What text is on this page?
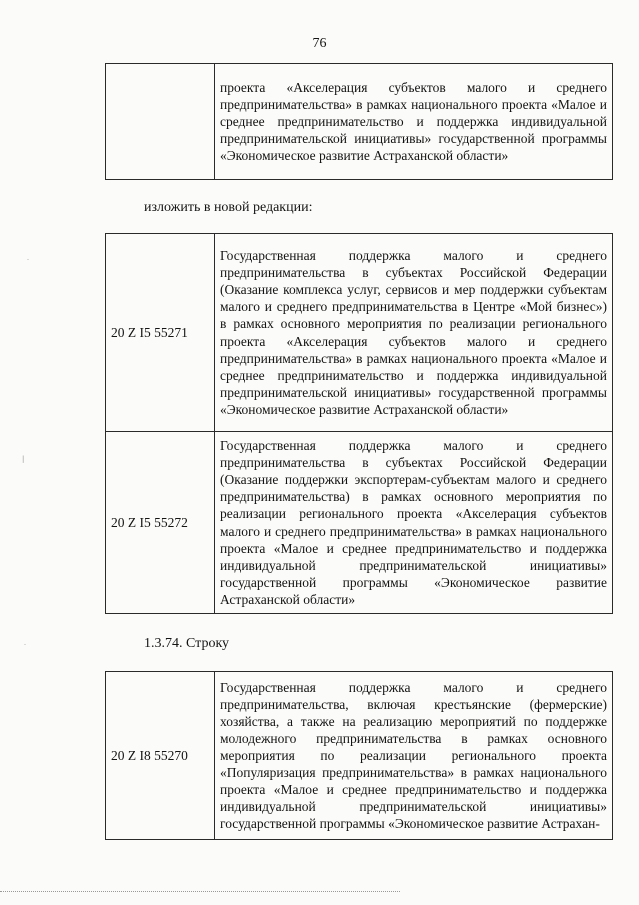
76
	проекта «Акселерация субъектов малого и среднего предпринимательства» в рамках национального проекта «Малое и среднее предпринимательство и поддержка индивидуальной предпринимательской инициативы» государственной программы «Экономическое развитие Астраханской области»
изложить в новой редакции:
20 Z I5 55271	Государственная поддержка малого и среднего предпринимательства в субъектах Российской Федерации (Оказание комплекса услуг, сервисов и мер поддержки субъектам малого и среднего предпринимательства в Центре «Мой бизнес») в рамках основного мероприятия по реализации регионального проекта «Акселерация субъектов малого и среднего предпринимательства» в рамках национального проекта «Малое и среднее предпринимательство и поддержка индивидуальной предпринимательской инициативы» государственной программы «Экономическое развитие Астраханской области»
20 Z I5 55272	Государственная поддержка малого и среднего предпринимательства в субъектах Российской Федерации (Оказание поддержки экспортерам-субъектам малого и среднего предпринимательства) в рамках основного мероприятия по реализации регионального проекта «Акселерация субъектов малого и среднего предпринимательства» в рамках национального проекта «Малое и среднее предпринимательство и поддержка индивидуальной предпринимательской инициативы» государственной программы «Экономическое развитие Астраханской области»
1.3.74. Строку
20 Z I8 55270	Государственная поддержка малого и среднего предпринимательства, включая крестьянские (фермерские) хозяйства, а также на реализацию мероприятий по поддержке молодежного предпринимательства в рамках основного мероприятия по реализации регионального проекта «Популяризация предпринимательства» в рамках национального проекта «Малое и среднее предпринимательство и поддержка индивидуальной предпринимательской инициативы» государственной программы «Экономическое развитие Астрахан-
∙
∣
∙
